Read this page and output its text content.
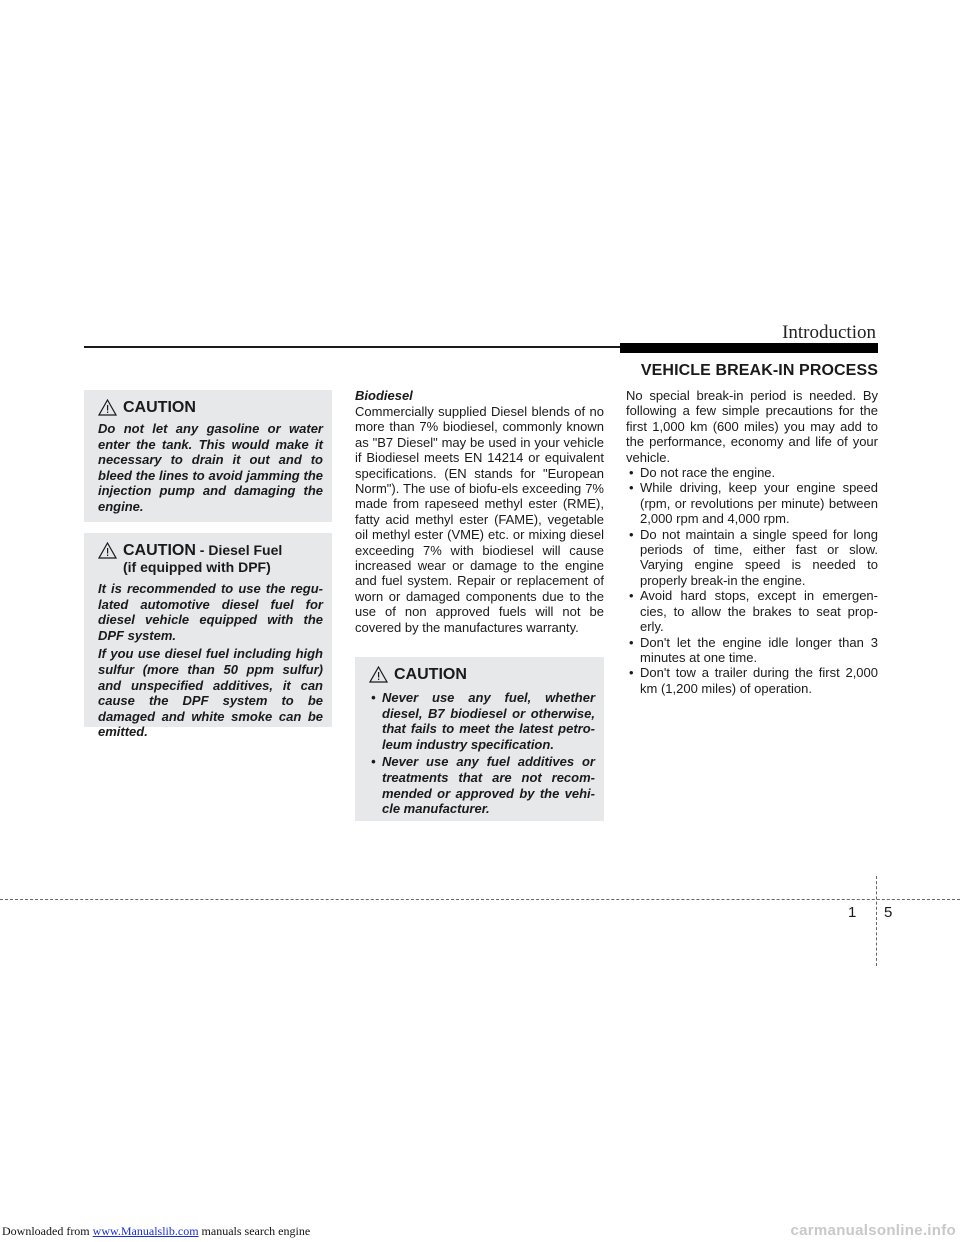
Introduction
VEHICLE BREAK-IN PROCESS
CAUTION

Do not let any gasoline or water enter the tank. This would make it necessary to drain it out and to bleed the lines to avoid jamming the injection pump and damaging the engine.

CAUTION - Diesel Fuel
(if equipped with DPF)

It is recommended to use the regu-lated automotive diesel fuel for diesel vehicle equipped with the DPF system.

If you use diesel fuel including high sulfur (more than 50 ppm sulfur) and unspecified additives, it can cause the DPF system to be damaged and white smoke can be emitted.

Biodiesel

Commercially supplied Diesel blends of no more than 7% biodiesel, commonly known as "B7 Diesel" may be used in your vehicle if Biodiesel meets EN 14214 or equivalent specifications. (EN stands for "European Norm"). The use of biofu-els exceeding 7% made from rapeseed methyl ester (RME), fatty acid methyl ester (FAME), vegetable oil methyl ester (VME) etc. or mixing diesel exceeding 7% with biodiesel will cause increased wear or damage to the engine and fuel system. Repair or replacement of worn or damaged components due to the use of non approved fuels will not be covered by the manufactures warranty.

CAUTION
• Never use any fuel, whether diesel, B7 biodiesel or otherwise, that fails to meet the latest petro-leum industry specification.
• Never use any fuel additives or treatments that are not recom-mended or approved by the vehi-cle manufacturer.

No special break-in period is needed. By following a few simple precautions for the first 1,000 km (600 miles) you may add to the performance, economy and life of your vehicle.

• Do not race the engine.
• While driving, keep your engine speed (rpm, or revolutions per minute) between 2,000 rpm and 4,000 rpm.
• Do not maintain a single speed for long periods of time, either fast or slow. Varying engine speed is needed to properly break-in the engine.
• Avoid hard stops, except in emergen-cies, to allow the brakes to seat prop-erly.
• Don't let the engine idle longer than 3 minutes at one time.
• Don't tow a trailer during the first 2,000 km (1,200 miles) of operation.
1 5
Downloaded from www.Manualslib.com manuals search engine	carmanualsonline.info
